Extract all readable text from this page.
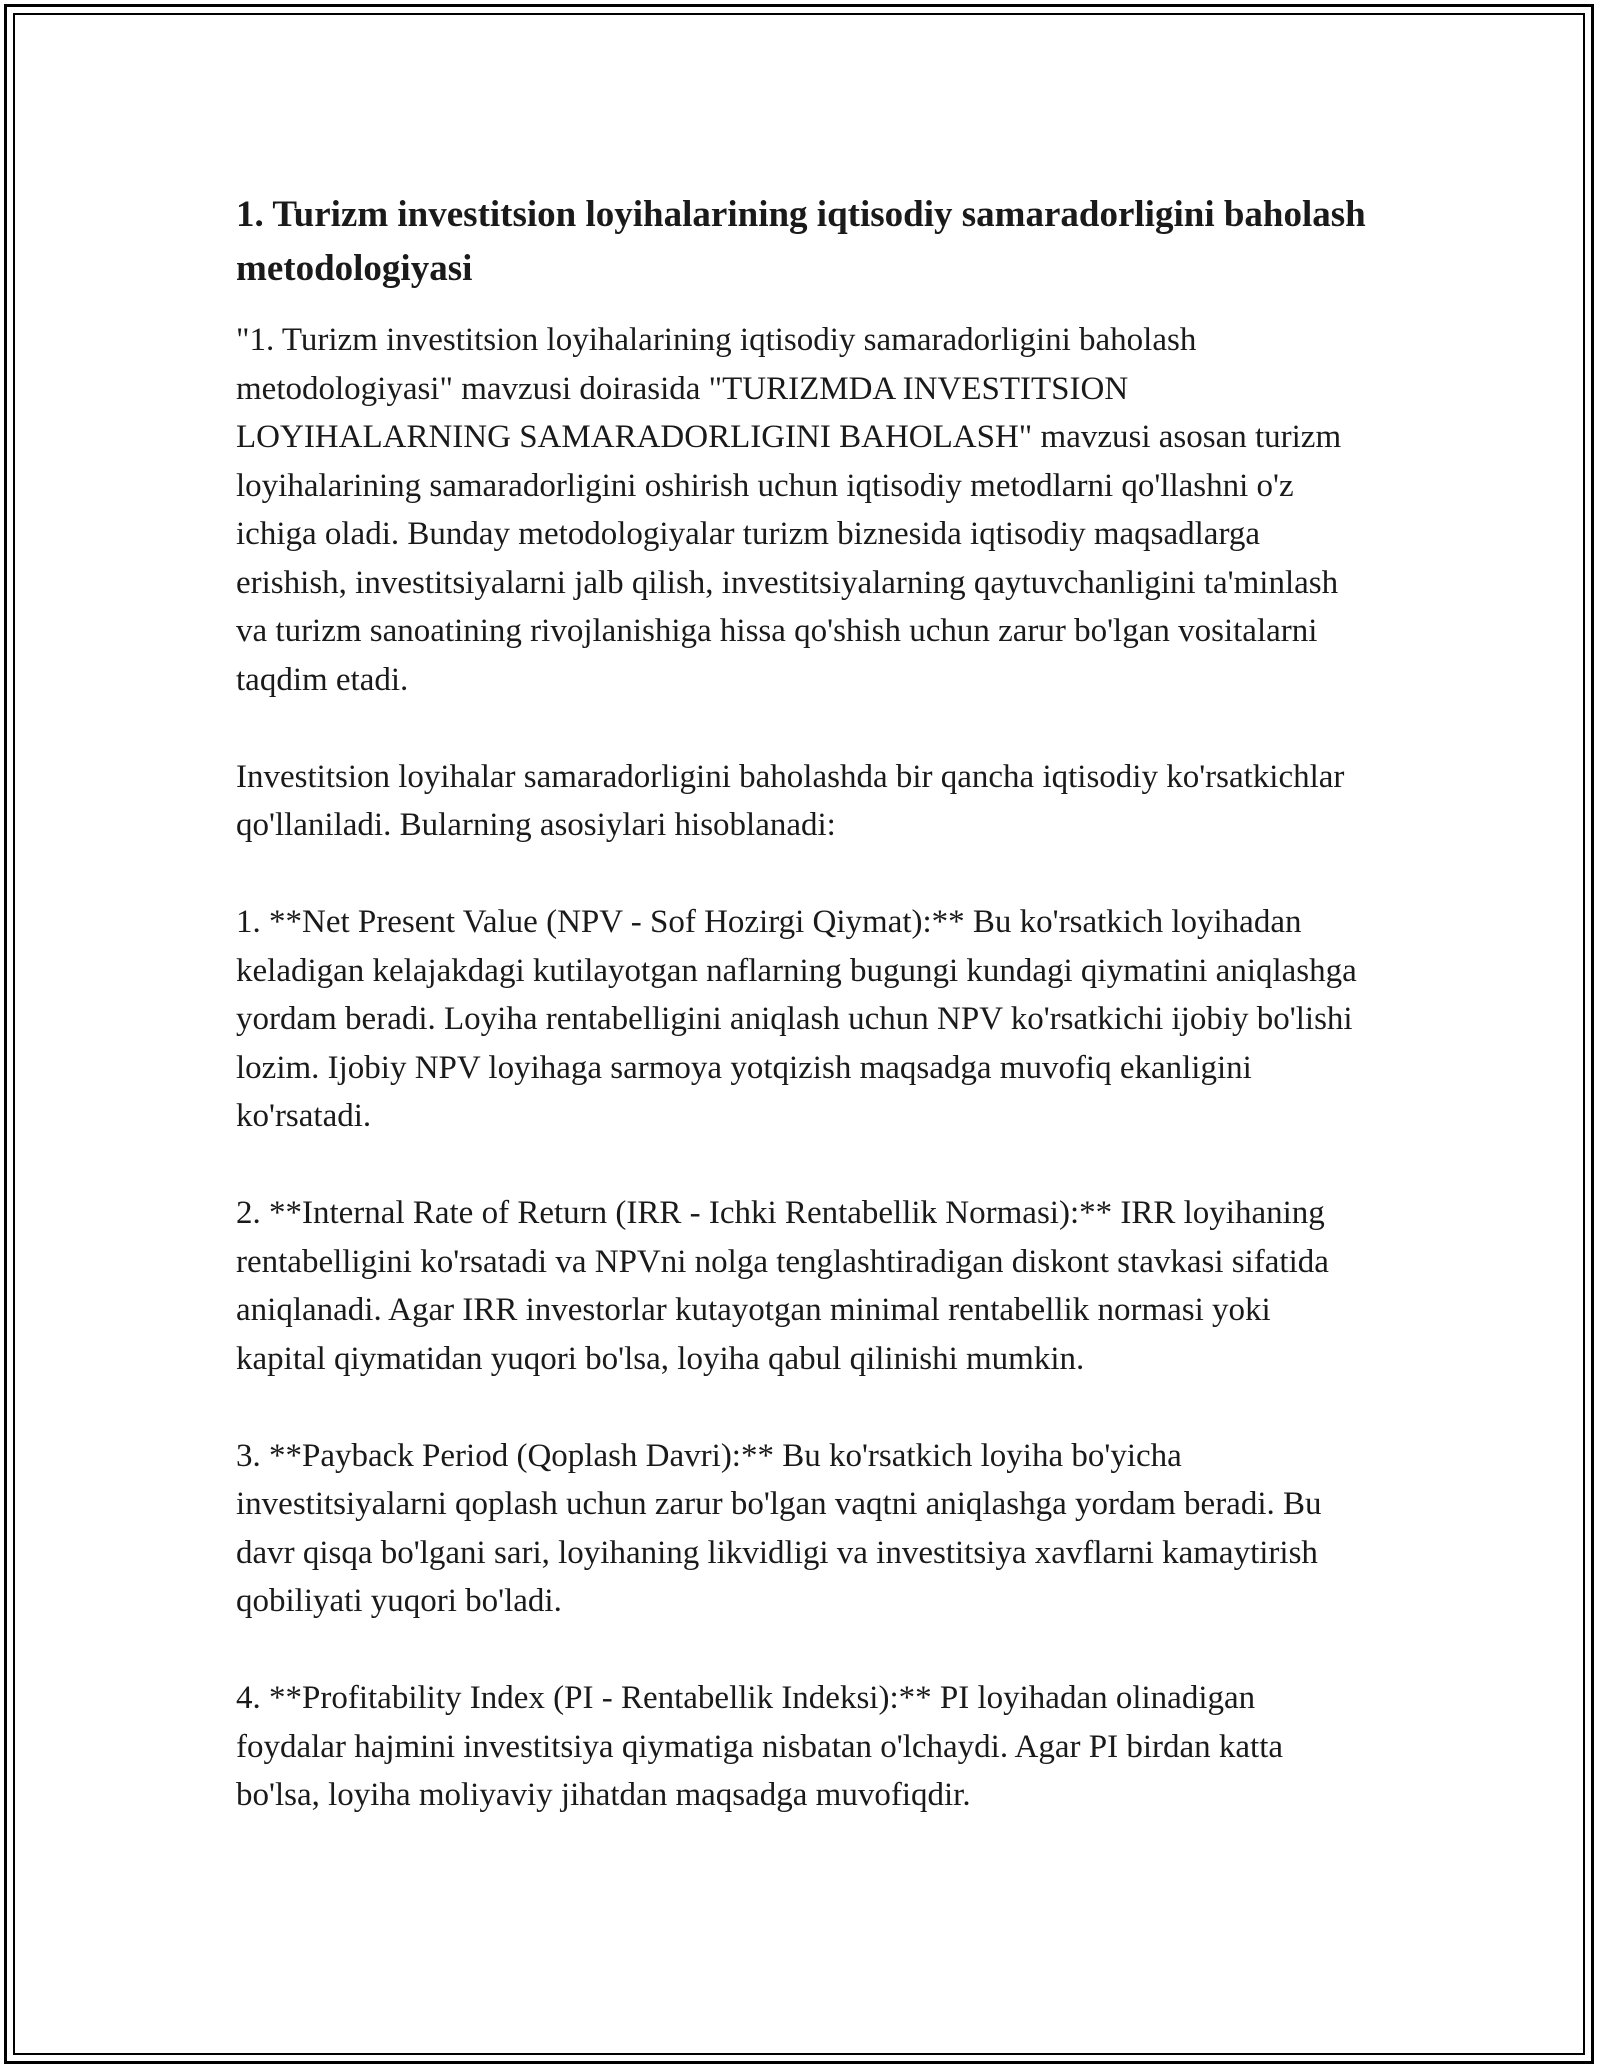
1. Turizm investitsion loyihalarining iqtisodiy samaradorligini baholash metodologiyasi

"1. Turizm investitsion loyihalarining iqtisodiy samaradorligini baholash metodologiyasi" mavzusi doirasida "TURIZMDA INVESTITSION LOYIHALARNING SAMARADORLIGINI BAHOLASH" mavzusi asosan turizm loyihalarining samaradorligini oshirish uchun iqtisodiy metodlarni qo'llashni o'z ichiga oladi. Bunday metodologiyalar turizm biznesida iqtisodiy maqsadlarga erishish, investitsiyalarni jalb qilish, investitsiyalarning qaytuvchanligini ta'minlash va turizm sanoatining rivojlanishiga hissa qo'shish uchun zarur bo'lgan vositalarni taqdim etadi.

Investitsion loyihalar samaradorligini baholashda bir qancha iqtisodiy ko'rsatkichlar qo'llaniladi. Bularning asosiylari hisoblanadi:

1. **Net Present Value (NPV - Sof Hozirgi Qiymat):** Bu ko'rsatkich loyihadan keladigan kelajakdagi kutilayotgan naflarning bugungi kundagi qiymatini aniqlashga yordam beradi. Loyiha rentabelligini aniqlash uchun NPV ko'rsatkichi ijobiy bo'lishi lozim. Ijobiy NPV loyihaga sarmoya yotqizish maqsadga muvofiq ekanligini ko'rsatadi.

2. **Internal Rate of Return (IRR - Ichki Rentabellik Normasi):** IRR loyihaning rentabelligini ko'rsatadi va NPVni nolga tenglashtiradigan diskont stavkasi sifatida aniqlanadi. Agar IRR investorlar kutayotgan minimal rentabellik normasi yoki kapital qiymatidan yuqori bo'lsa, loyiha qabul qilinishi mumkin.

3. **Payback Period (Qoplash Davri):** Bu ko'rsatkich loyiha bo'yicha investitsiyalarni qoplash uchun zarur bo'lgan vaqtni aniqlashga yordam beradi. Bu davr qisqa bo'lgani sari, loyihaning likvidligi va investitsiya xavflarni kamaytirish qobiliyati yuqori bo'ladi.

4. **Profitability Index (PI - Rentabellik Indeksi):** PI loyihadan olinadigan foydalar hajmini investitsiya qiymatiga nisbatan o'lchaydi. Agar PI birdan katta bo'lsa, loyiha moliyaviy jihatdan maqsadga muvofiqdir.
